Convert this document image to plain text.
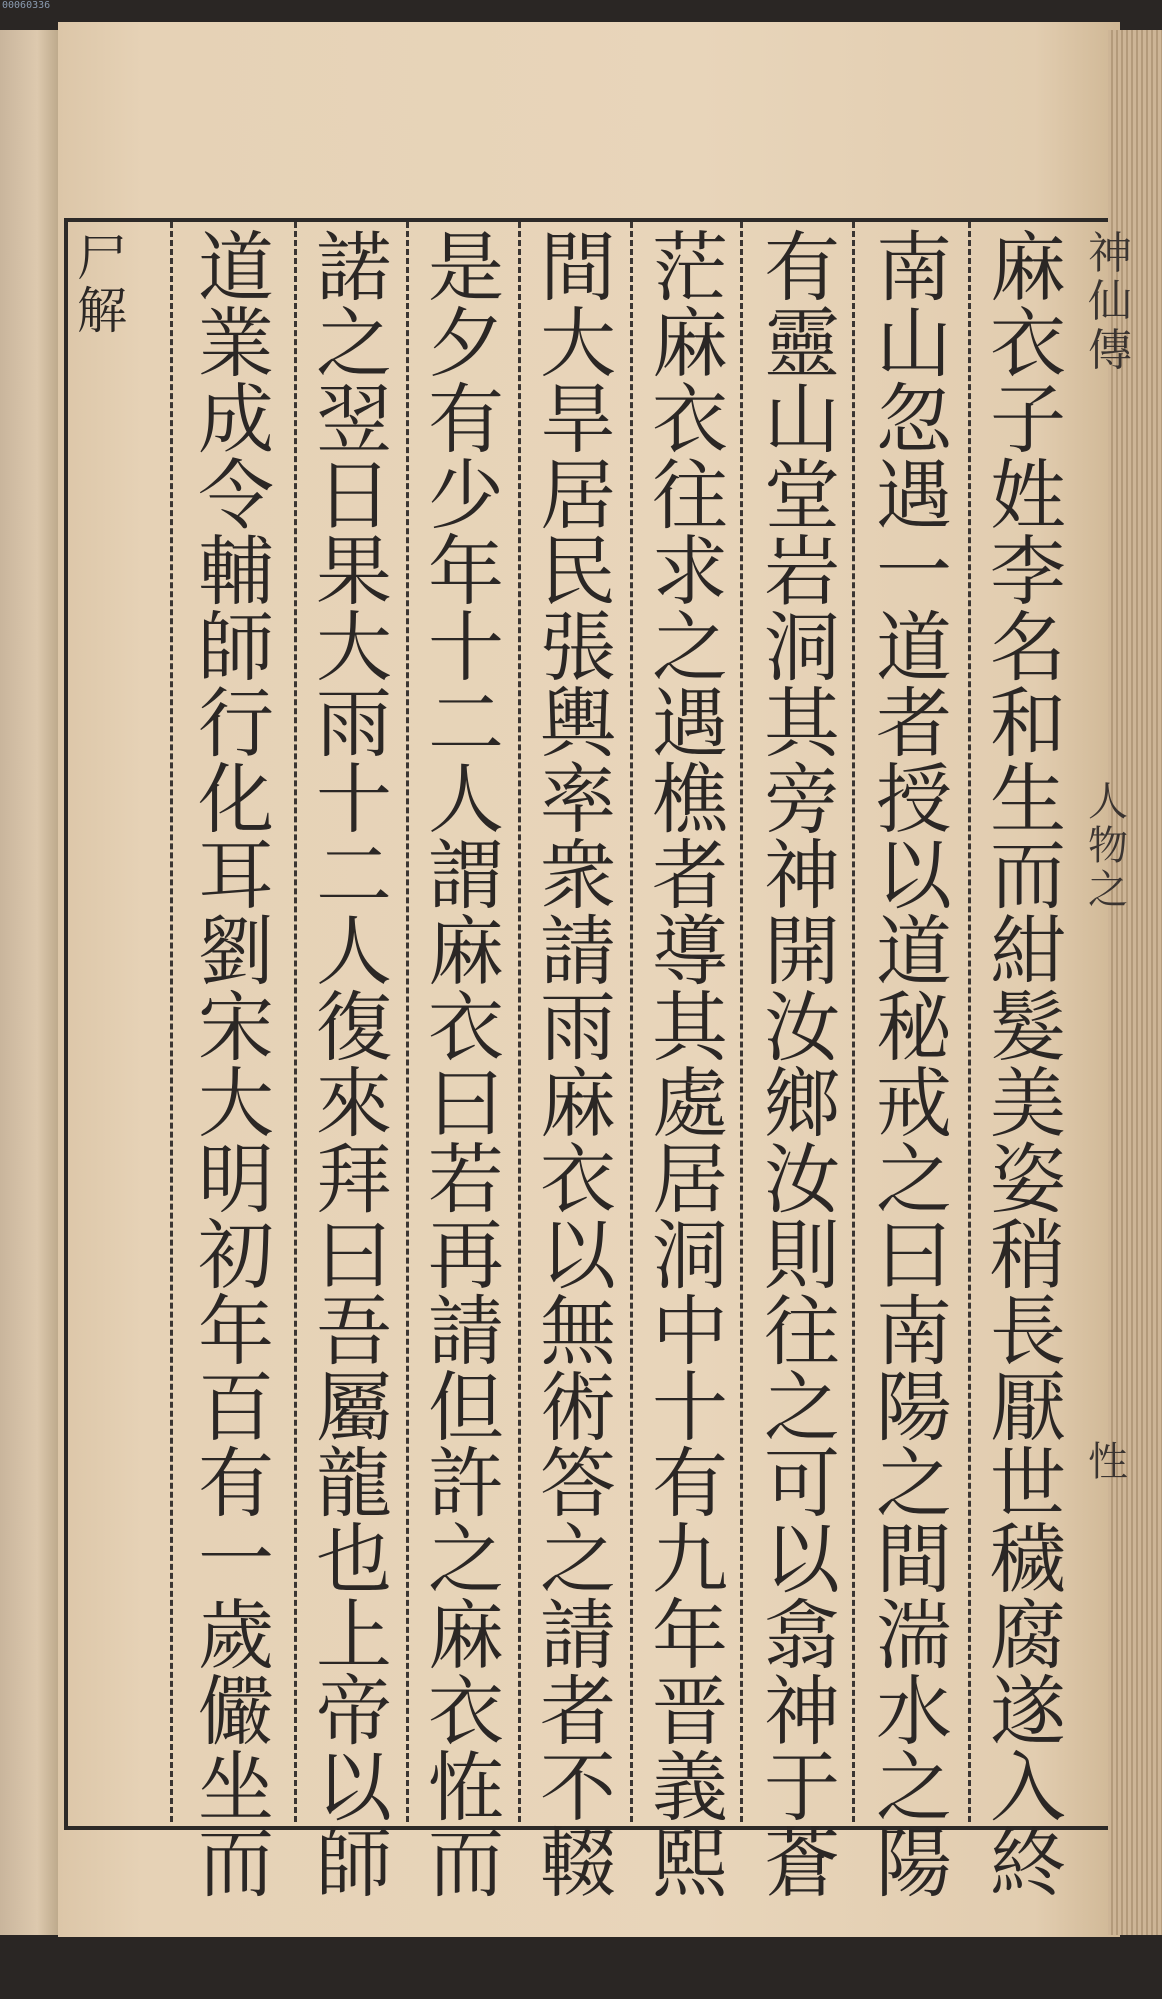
00060336
麻
衣
子
姓
李
名
和
生
而
紺
髮
美
姿
稍
長
厭
世
穢
腐
遂
入
終
南
山
忽
遇
一
道
者
授
以
道
秘
戒
之
曰
南
陽
之
間
湍
水
之
陽
有
靈
山
堂
岩
洞
其
旁
神
開
汝
鄉
汝
則
往
之
可
以
翕
神
于
蒼
茫
麻
衣
往
求
之
遇
樵
者
導
其
處
居
洞
中
十
有
九
年
晋
義
熙
間
大
旱
居
民
張
輿
率
衆
請
雨
麻
衣
以
無
術
答
之
請
者
不
輟
是
夕
有
少
年
十
二
人
謂
麻
衣
曰
若
再
請
但
許
之
麻
衣
恠
而
諾
之
翌
日
果
大
雨
十
二
人
復
來
拜
曰
吾
屬
龍
也
上
帝
以
師
道
業
成
令
輔
師
行
化
耳
劉
宋
大
明
初
年
百
有
一
歲
儼
坐
而
尸
解
神
仙
傳
人
物
之
性
